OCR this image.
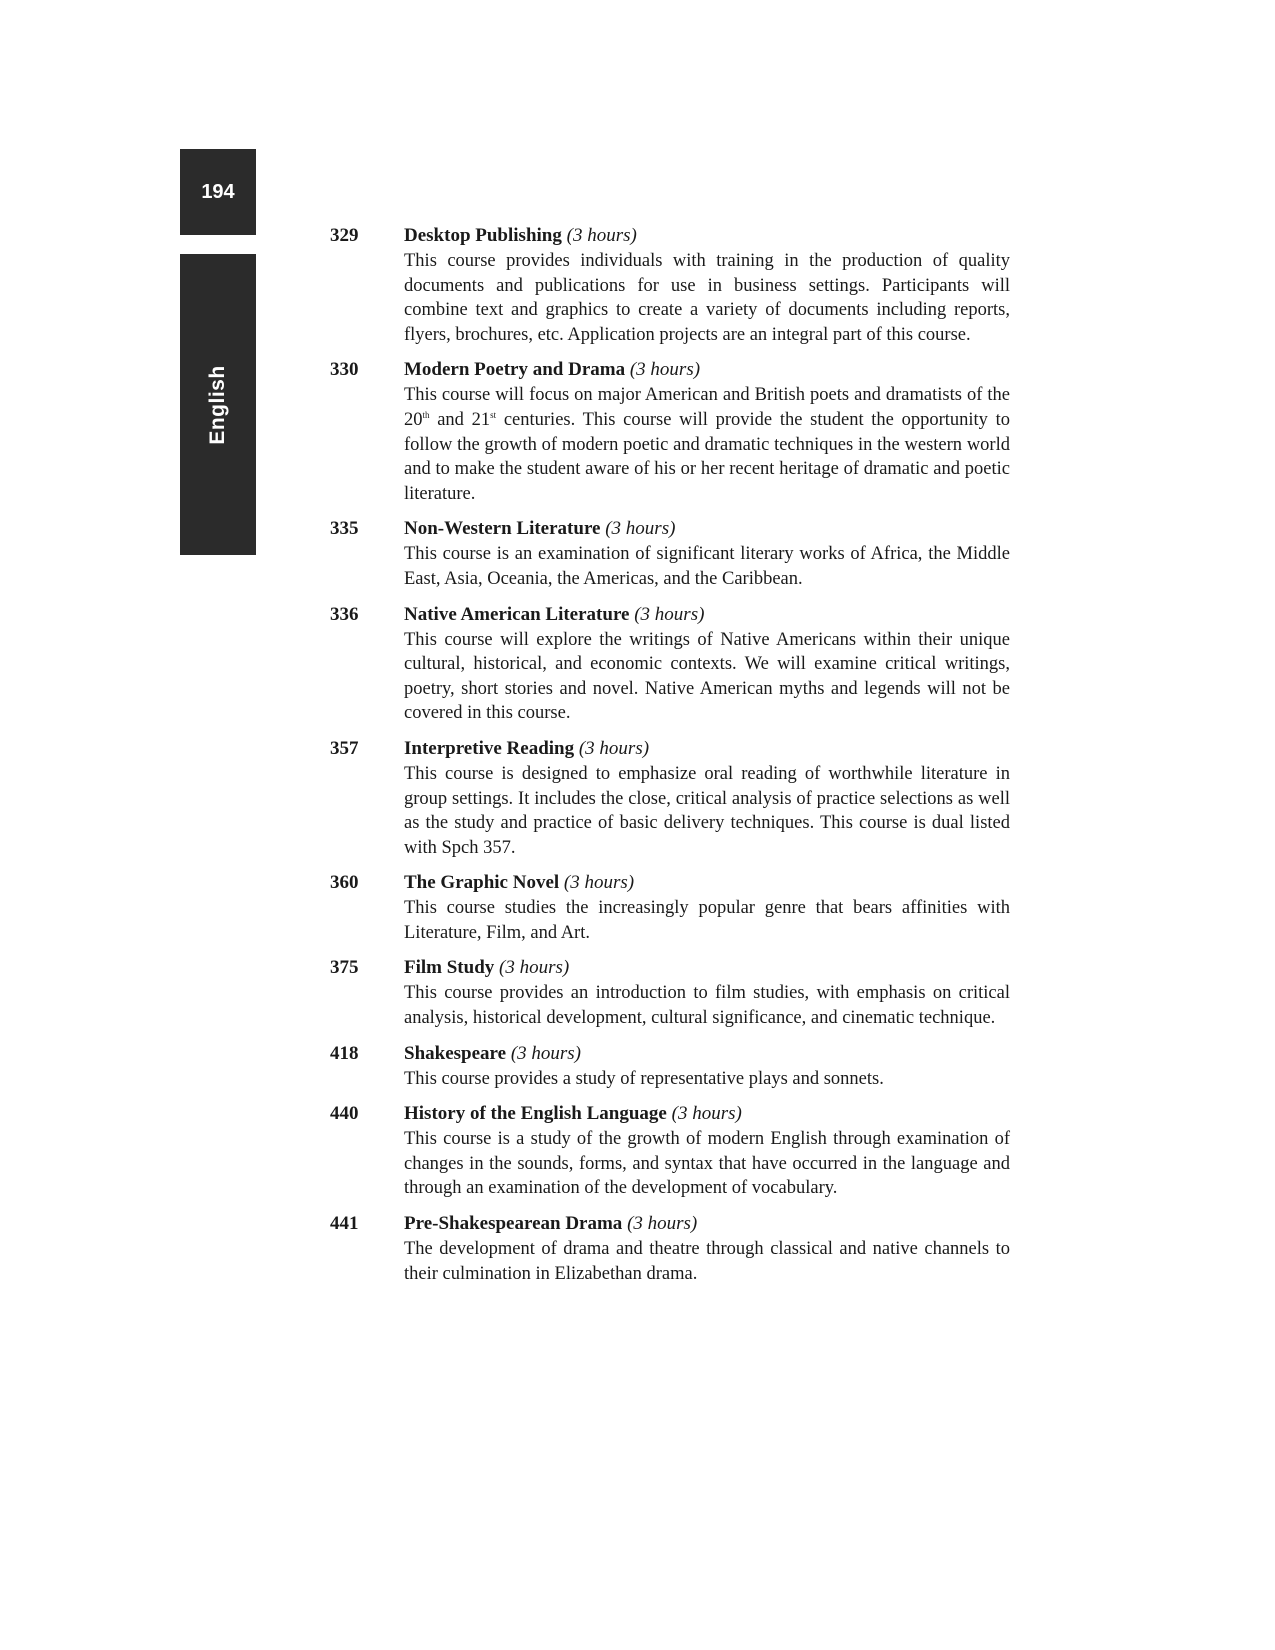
194
English
329	Desktop Publishing (3 hours)
This course provides individuals with training in the production of quality documents and publications for use in business settings. Participants will combine text and graphics to create a variety of documents including reports, flyers, brochures, etc. Application projects are an integral part of this course.
330	Modern Poetry and Drama (3 hours)
This course will focus on major American and British poets and dramatists of the 20th and 21st centuries. This course will provide the student the opportunity to follow the growth of modern poetic and dramatic techniques in the western world and to make the student aware of his or her recent heritage of dramatic and poetic literature.
335	Non-Western Literature (3 hours)
This course is an examination of significant literary works of Africa, the Middle East, Asia, Oceania, the Americas, and the Caribbean.
336	Native American Literature (3 hours)
This course will explore the writings of Native Americans within their unique cultural, historical, and economic contexts. We will examine critical writings, poetry, short stories and novel. Native American myths and legends will not be covered in this course.
357	Interpretive Reading (3 hours)
This course is designed to emphasize oral reading of worthwhile literature in group settings. It includes the close, critical analysis of practice selections as well as the study and practice of basic delivery techniques. This course is dual listed with Spch 357.
360	The Graphic Novel (3 hours)
This course studies the increasingly popular genre that bears affinities with Literature, Film, and Art.
375	Film Study (3 hours)
This course provides an introduction to film studies, with emphasis on critical analysis, historical development, cultural significance, and cinematic technique.
418	Shakespeare (3 hours)
This course provides a study of representative plays and sonnets.
440	History of the English Language (3 hours)
This course is a study of the growth of modern English through examination of changes in the sounds, forms, and syntax that have occurred in the language and through an examination of the development of vocabulary.
441	Pre-Shakespearean Drama (3 hours)
The development of drama and theatre through classical and native channels to their culmination in Elizabethan drama.
